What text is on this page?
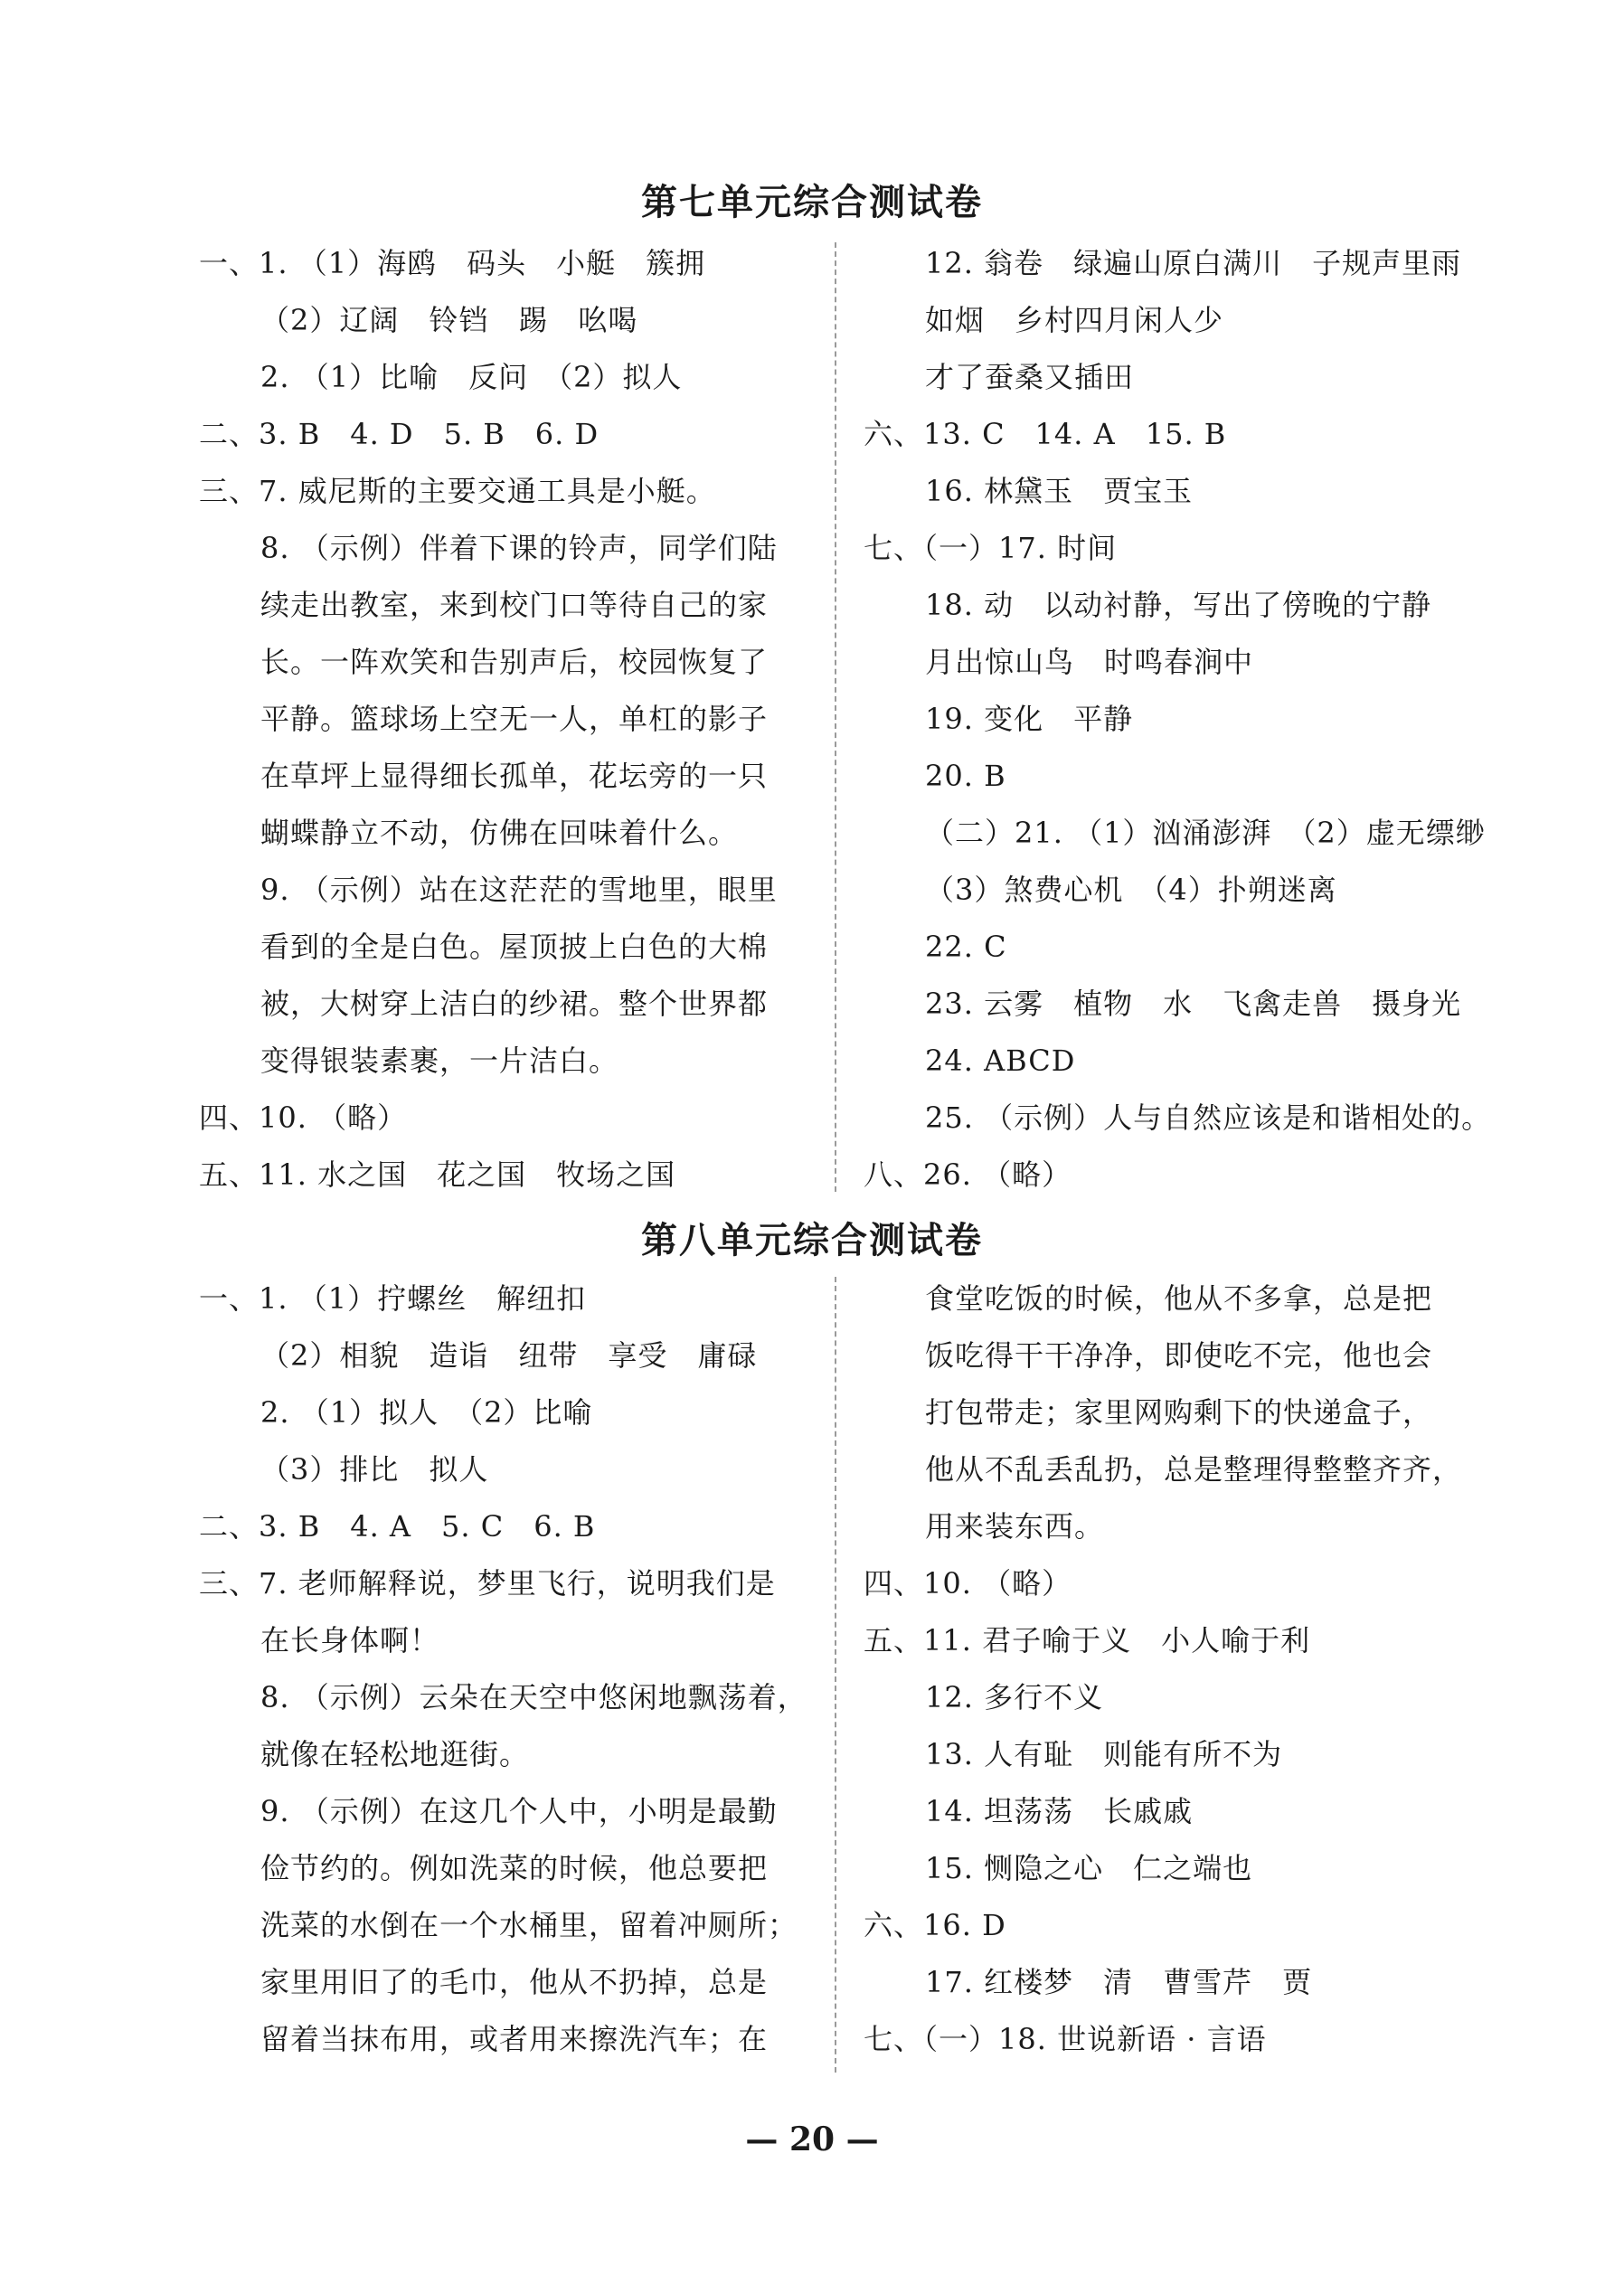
第七单元综合测试卷
一、1. （1）海鸥　码头　小艇　簇拥
（2）辽阔　铃铛　踢　吆喝
2. （1）比喻　反问　（2）拟人
二、3. B　4. D　5. B　6. D
三、7. 威尼斯的主要交通工具是小艇。
8. （示例）伴着下课的铃声，同学们陆
续走出教室，来到校门口等待自己的家
长。一阵欢笑和告别声后，校园恢复了
平静。篮球场上空无一人，单杠的影子
在草坪上显得细长孤单，花坛旁的一只
蝴蝶静立不动，仿佛在回味着什么。
9. （示例）站在这茫茫的雪地里，眼里
看到的全是白色。屋顶披上白色的大棉
被，大树穿上洁白的纱裙。整个世界都
变得银装素裹，一片洁白。
四、10. （略）
五、11. 水之国　花之国　牧场之国
12. 翁卷　绿遍山原白满川　子规声里雨
如烟　乡村四月闲人少
才了蚕桑又插田
六、13. C　14. A　15. B
16. 林黛玉　贾宝玉
七、（一）17. 时间
18. 动　以动衬静，写出了傍晚的宁静
月出惊山鸟　时鸣春涧中
19. 变化　平静
20. B
（二）21. （1）汹涌澎湃　（2）虚无缥缈
（3）煞费心机　（4）扑朔迷离
22. C
23. 云雾　植物　水　飞禽走兽　摄身光
24. ABCD
25. （示例）人与自然应该是和谐相处的。
八、26. （略）
第八单元综合测试卷
一、1. （1）拧螺丝　解纽扣
（2）相貌　造诣　纽带　享受　庸碌
2. （1）拟人　（2）比喻
（3）排比　拟人
二、3. B　4. A　5. C　6. B
三、7. 老师解释说，梦里飞行，说明我们是
在长身体啊！
8. （示例）云朵在天空中悠闲地飘荡着，
就像在轻松地逛街。
9. （示例）在这几个人中，小明是最勤
俭节约的。例如洗菜的时候，他总要把
洗菜的水倒在一个水桶里，留着冲厕所；
家里用旧了的毛巾，他从不扔掉，总是
留着当抹布用，或者用来擦洗汽车；在
食堂吃饭的时候，他从不多拿，总是把
饭吃得干干净净，即使吃不完，他也会
打包带走；家里网购剩下的快递盒子，
他从不乱丢乱扔，总是整理得整整齐齐，
用来装东西。
四、10. （略）
五、11. 君子喻于义　小人喻于利
12. 多行不义
13. 人有耻　则能有所不为
14. 坦荡荡　长戚戚
15. 恻隐之心　仁之端也
六、16. D
17. 红楼梦　清　曹雪芹　贾
七、（一）18. 世说新语 · 言语
— 20 —
